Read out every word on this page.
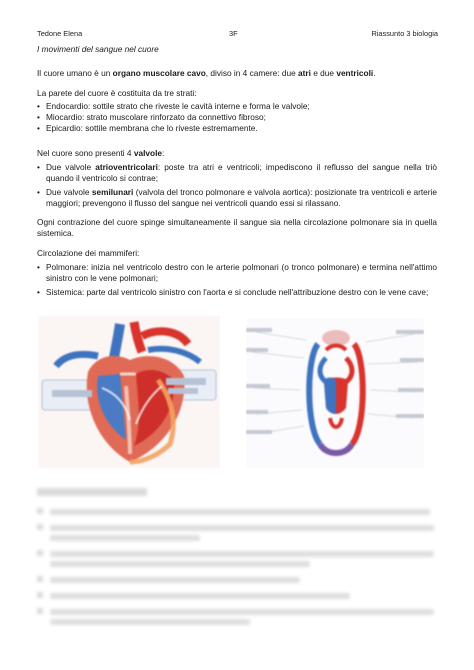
Tedone Elena	3F	Riassunto 3 biologia
I movimenti del sangue nel cuore

Il cuore umano è un organo muscolare cavo, diviso in 4 camere: due atri e due ventricoli.

La parete del cuore è costituita da tre strati:

• Endocardio: sottile strato che riveste le cavità interne e forma le valvole;
• Miocardio: strato muscolare rinforzato da connettivo fibroso;
• Epicardio: sottile membrana che lo riveste estremamente.

Nel cuore sono presenti 4 valvole:

• Due valvole atrioventricolari: poste tra atri e ventricoli; impediscono il reflusso del sangue nella triò quando il ventricolo si contrae;
• Due valvole semilunari (valvola del tronco polmonare e valvola aortica): posizionate tra ventricoli e arterie maggiori; prevengono il flusso del sangue nei ventricoli quando essi si rilassano.

Ogni contrazione del cuore spinge simultaneamente il sangue sia nella circolazione polmonare sia in quella sistemica.

Circolazione dei mammiferi:

• Polmonare: inizia nel ventricolo destro con le arterie polmonari (o tronco polmonare) e termina nell'attimo sinistro con le vene polmonari;
• Sistemica: parte dal ventricolo sinistro con l'aorta e si conclude nell'attribuzione destro con le vene cave;
